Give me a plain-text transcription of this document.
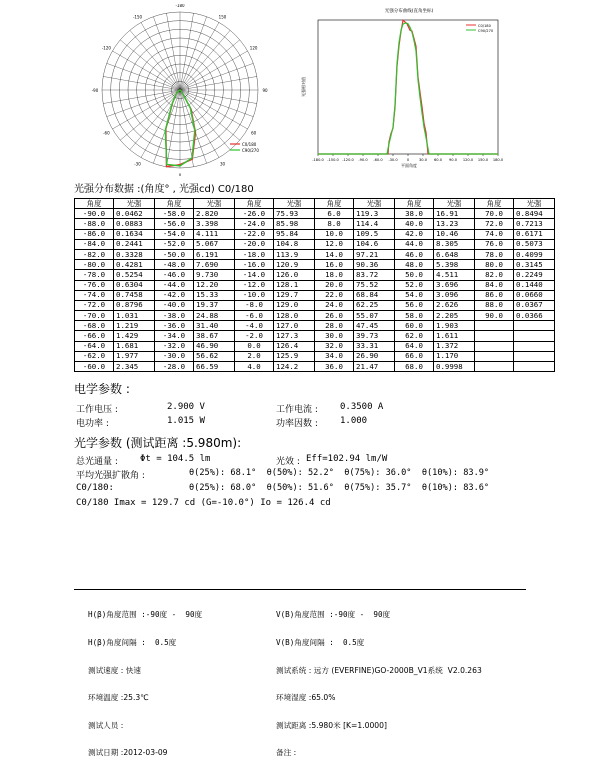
-180
150
120
90
60
30
0
-30
-60
-90
-120
-150
C0/180
C90/270
光强分布曲线(直角坐标)
-180.0 -150.0 -120.0 -90.0 -60.0 -30.0	0	30.0 60.0 90.0 120.0 150.0 180.0
平面角度
光强相对值
C0/180
C90/270
光强分布数据 :(角度° , 光强cd) C0/180
角度	光强	角度	光强	角度	光强	角度	光强	角度	光强	角度	光强
-90.0	0.0462	-58.0	2.820	-26.0	75.93	6.0	119.3	38.0	16.91	70.0	0.8494
-88.0	0.0883	-56.0	3.398	-24.0	85.98	8.0	114.4	40.0	13.23	72.0	0.7213
-86.0	0.1634	-54.0	4.111	-22.0	95.84	10.0	109.5	42.0	10.46	74.0	0.6171
-84.0	0.2441	-52.0	5.067	-20.0	104.8	12.0	104.6	44.0	8.305	76.0	0.5073
-82.0	0.3328	-50.0	6.191	-18.0	113.9	14.0	97.21	46.0	6.648	78.0	0.4099
-80.0	0.4281	-48.0	7.690	-16.0	120.9	16.0	90.36	48.0	5.398	80.0	0.3145
-78.0	0.5254	-46.0	9.730	-14.0	126.0	18.0	83.72	50.0	4.511	82.0	0.2249
-76.0	0.6304	-44.0	12.20	-12.0	128.1	20.0	75.52	52.0	3.696	84.0	0.1440
-74.0	0.7458	-42.0	15.33	-10.0	129.7	22.0	68.84	54.0	3.096	86.0	0.0660
-72.0	0.8796	-40.0	19.37	-8.0	129.0	24.0	62.25	56.0	2.626	88.0	0.0367
-70.0	1.031	-38.0	24.88	-6.0	128.0	26.0	55.07	58.0	2.205	90.0	0.0366
-68.0	1.219	-36.0	31.40	-4.0	127.0	28.0	47.45	60.0	1.903		
-66.0	1.429	-34.0	38.67	-2.0	127.3	30.0	39.73	62.0	1.611		
-64.0	1.681	-32.0	46.90	0.0	126.4	32.0	33.31	64.0	1.372		
-62.0	1.977	-30.0	56.62	2.0	125.9	34.0	26.90	66.0	1.170		
-60.0	2.345	-28.0	66.59	4.0	124.2	36.0	21.47	68.0	0.9998		
电学参数 :
工作电压 :	2.900 V	工作电流 : 0.3500 A
电功率 :	1.015 W	功率因数 : 1.000
光学参数 (测试距离 :5.980m):
总光通量 : Φt = 104.5 lm	光效 : Eff=102.94 lm/W
平均光强扩散角 :	θ(25%): 68.1°  θ(50%): 52.2°  θ(75%): 36.0°  θ(10%): 83.9°
C0/180:	θ(25%): 68.0°  θ(50%): 51.6°  θ(75%): 35.7°  θ(10%): 83.6°
C0/180 Imax = 129.7 cd (G=-10.0°) Io = 126.4 cd

H(β)角度范围 :-90度 -  90度

H(β)角度间隔 :  0.5度

测试速度 : 快速

环境温度 :25.3℃

测试人员 :

测试日期 :2012-03-09

V(B)角度范围 :-90度 -  90度

V(B)角度间隔 :  0.5度

测试系统 : 远方 (EVERFINE)GO-2000B_V1系统  V2.0.263

环境湿度 :65.0%

测试距离 :5.980米 [K=1.0000]

备注 :
